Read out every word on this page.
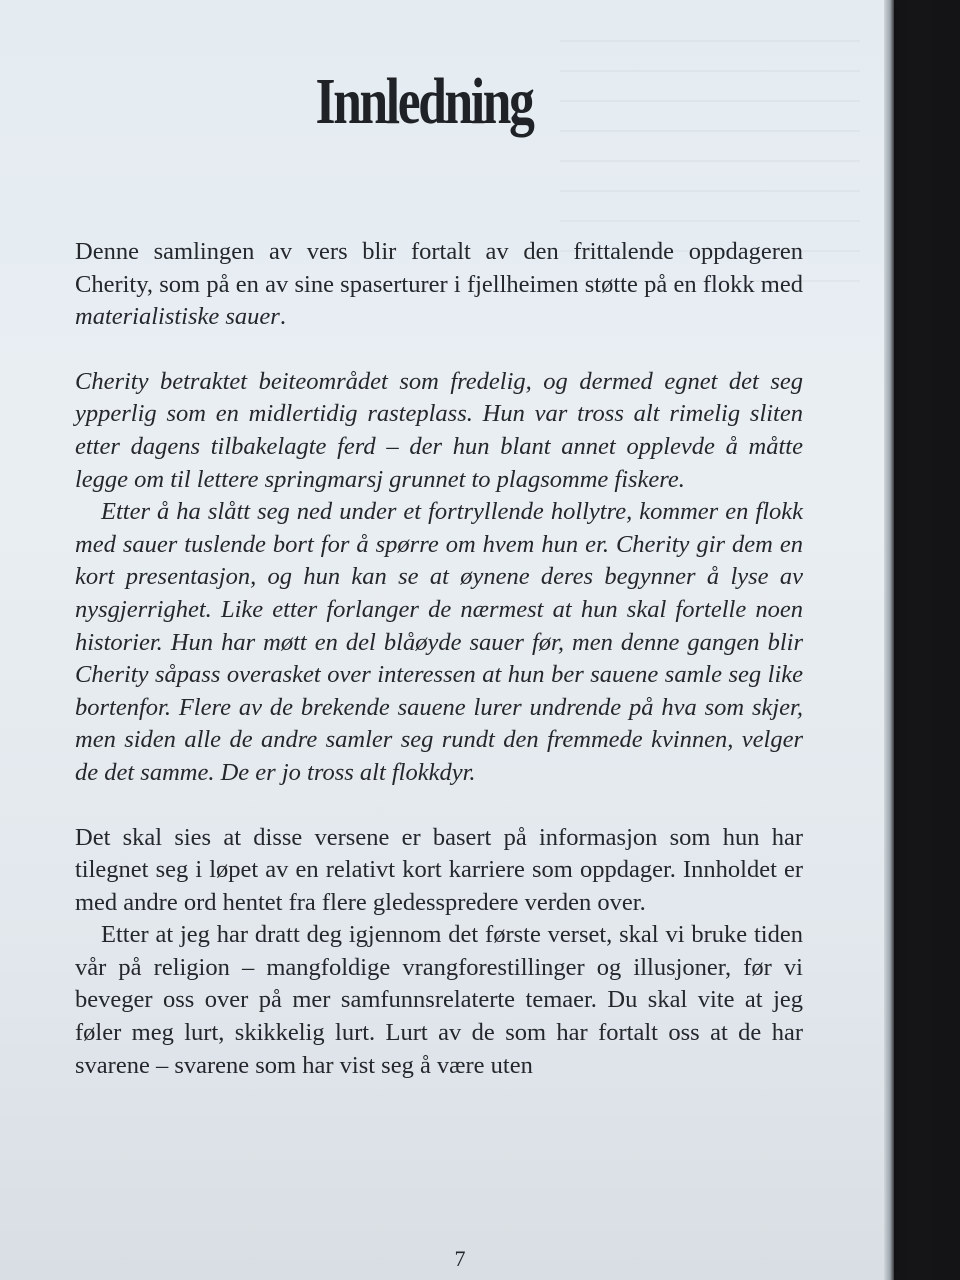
Innledning

Denne samlingen av vers blir fortalt av den frittalende oppdageren Cherity, som på en av sine spaserturer i fjellheimen støtte på en flokk med materialistiske sauer.

Cherity betraktet beiteområdet som fredelig, og dermed egnet det seg ypperlig som en midlertidig rasteplass. Hun var tross alt rimelig sliten etter dagens tilbakelagte ferd – der hun blant annet opplevde å måtte legge om til lettere springmarsj grunnet to plagsomme fiskere.

Etter å ha slått seg ned under et fortryllende hollytre, kommer en flokk med sauer tuslende bort for å spørre om hvem hun er. Cherity gir dem en kort presentasjon, og hun kan se at øynene deres begynner å lyse av nysgjerrighet. Like etter forlanger de nærmest at hun skal fortelle noen historier. Hun har møtt en del blåøyde sauer før, men denne gangen blir Cherity såpass overasket over interessen at hun ber sauene samle seg like bortenfor. Flere av de brekende sauene lurer undrende på hva som skjer, men siden alle de andre samler seg rundt den fremmede kvinnen, velger de det samme. De er jo tross alt flokkdyr.

Det skal sies at disse versene er basert på informasjon som hun har tilegnet seg i løpet av en relativt kort karriere som oppdager. Innholdet er med andre ord hentet fra flere gledesspredere verden over.

Etter at jeg har dratt deg igjennom det første verset, skal vi bruke tiden vår på religion – mangfoldige vrangforestillinger og illusjoner, før vi beveger oss over på mer samfunnsrelaterte temaer. Du skal vite at jeg føler meg lurt, skikkelig lurt. Lurt av de som har fortalt oss at de har svarene – svarene som har vist seg å være uten

7
